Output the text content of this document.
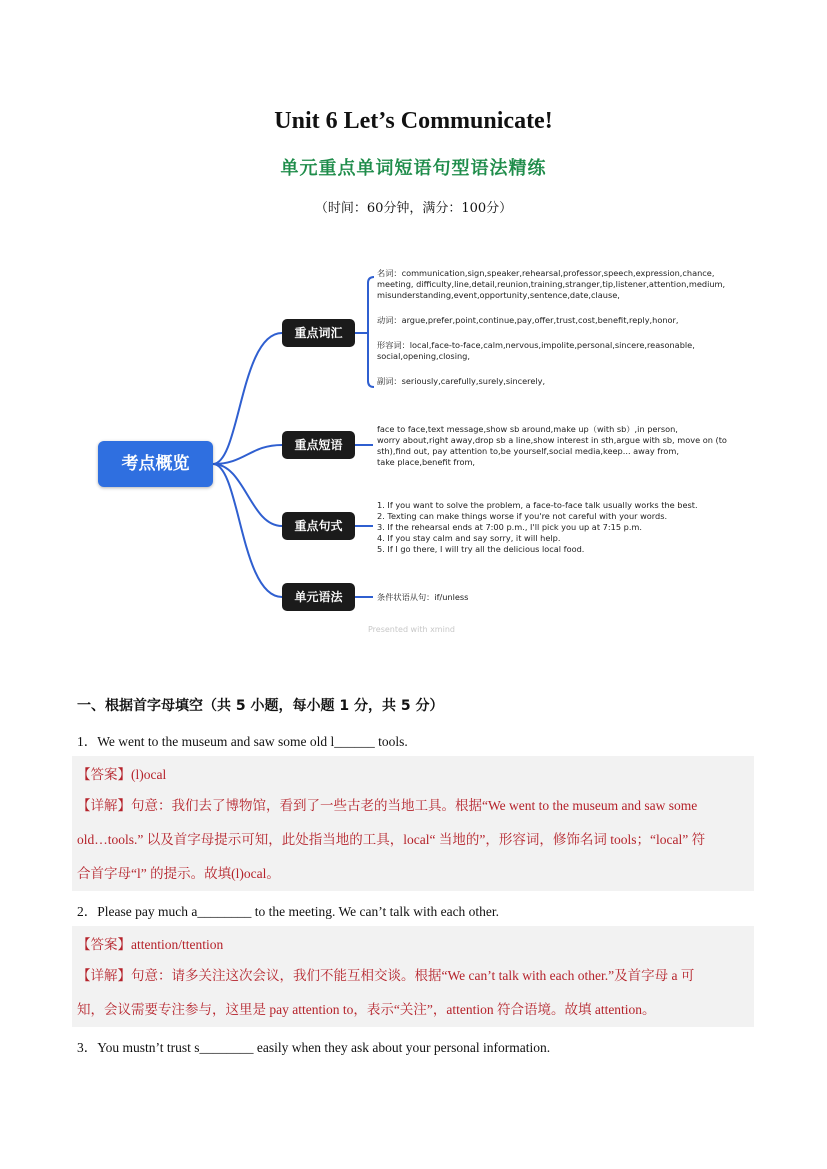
Unit 6 Let’s Communicate!
单元重点单词短语句型语法精练
（时间：60分钟，满分：100分）
考点概览
重点词汇
重点短语
重点句式
单元语法
名词：communication,sign,speaker,rehearsal,professor,speech,expression,chance,
meeting, difficulty,line,detail,reunion,training,stranger,tip,listener,attention,medium,
misunderstanding,event,opportunity,sentence,date,clause,
动词：argue,prefer,point,continue,pay,offer,trust,cost,benefit,reply,honor,
形容词：local,face-to-face,calm,nervous,impolite,personal,sincere,reasonable,
social,opening,closing,
副词：seriously,carefully,surely,sincerely,
face to face,text message,show sb around,make up（with sb）,in person,
worry about,right away,drop sb a line,show interest in sth,argue with sb, move on (to
sth),find out, pay attention to,be yourself,social media,keep... away from,
take place,benefit from,
1. If you want to solve the problem, a face-to-face talk usually works the best.
2. Texting can make things worse if you're not careful with your words.
3. If the rehearsal ends at 7:00 p.m., I'll pick you up at 7:15 p.m.
4. If you stay calm and say sorry, it will help.
5. If I go there, I will try all the delicious local food.
条件状语从句：if/unless
Presented with xmind
一、根据首字母填空（共 5 小题，每小题 1 分，共 5 分）
1．We went to the museum and saw some old l______ tools.
【答案】(l)ocal
【详解】句意：我们去了博物馆，看到了一些古老的当地工具。根据“We went to the museum and saw some
old…tools.” 以及首字母提示可知，此处指当地的工具，local“ 当地的”，形容词，修饰名词 tools；“local” 符
合首字母“l” 的提示。故填(l)ocal。
2．Please pay much a________ to the meeting. We can’t talk with each other.
【答案】attention/ttention
【详解】句意：请多关注这次会议，我们不能互相交谈。根据“We can’t talk with each other.”及首字母 a 可
知，会议需要专注参与，这里是 pay attention to，表示“关注”，attention 符合语境。故填 attention。
3．You mustn’t trust s________ easily when they ask about your personal information.
